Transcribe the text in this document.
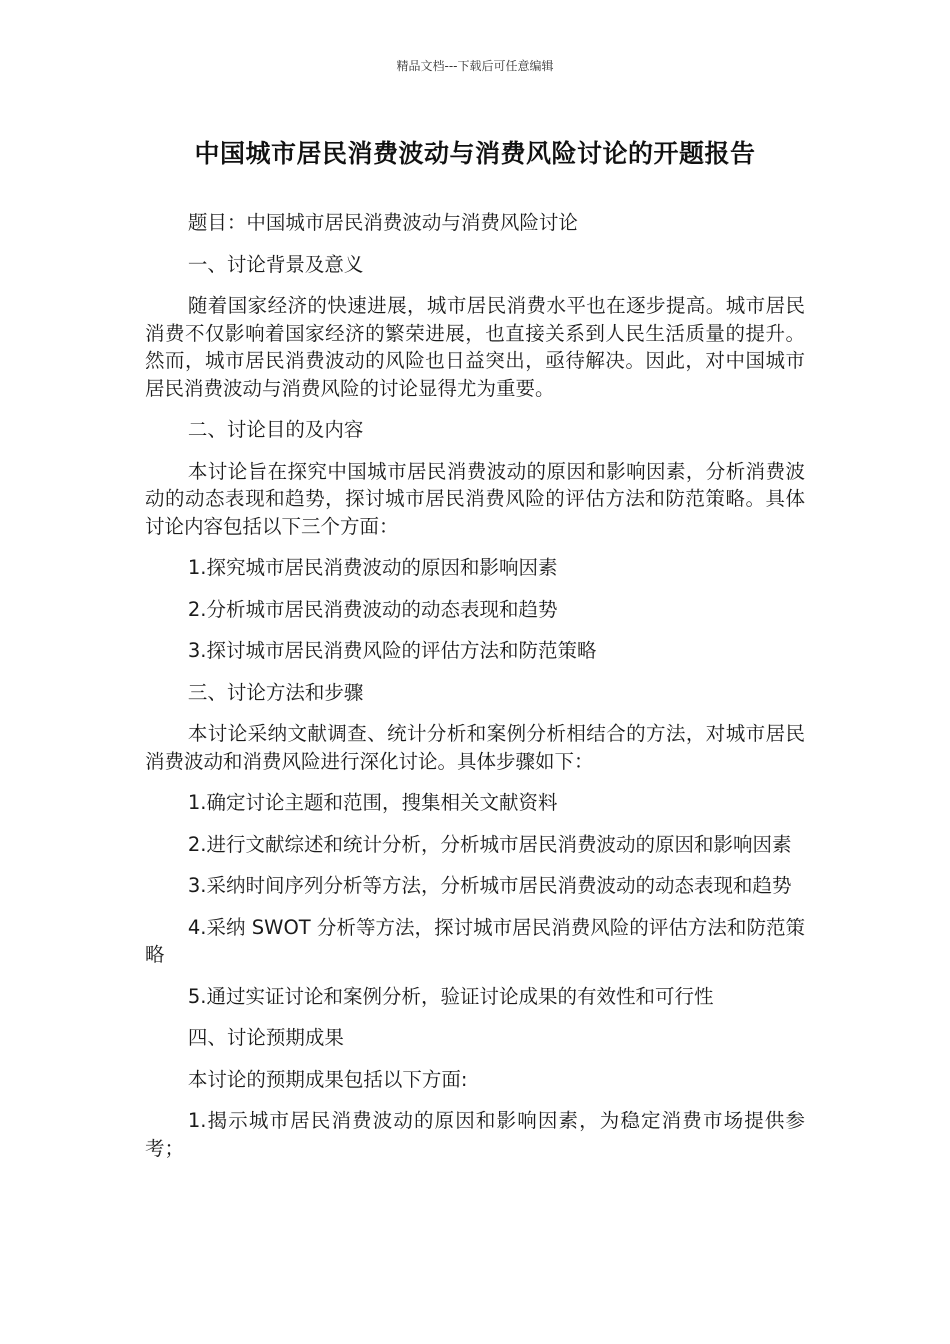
精品文档---下载后可任意编辑
中国城市居民消费波动与消费风险讨论的开题报告

题目：中国城市居民消费波动与消费风险讨论

一、讨论背景及意义

随着国家经济的快速进展，城市居民消费水平也在逐步提高。城市居民消费不仅影响着国家经济的繁荣进展，也直接关系到人民生活质量的提升。然而，城市居民消费波动的风险也日益突出，亟待解决。因此，对中国城市居民消费波动与消费风险的讨论显得尤为重要。

二、讨论目的及内容

本讨论旨在探究中国城市居民消费波动的原因和影响因素，分析消费波动的动态表现和趋势，探讨城市居民消费风险的评估方法和防范策略。具体讨论内容包括以下三个方面：

1.探究城市居民消费波动的原因和影响因素

2.分析城市居民消费波动的动态表现和趋势

3.探讨城市居民消费风险的评估方法和防范策略

三、讨论方法和步骤

本讨论采纳文献调查、统计分析和案例分析相结合的方法，对城市居民消费波动和消费风险进行深化讨论。具体步骤如下：

1.确定讨论主题和范围，搜集相关文献资料

2.进行文献综述和统计分析，分析城市居民消费波动的原因和影响因素

3.采纳时间序列分析等方法，分析城市居民消费波动的动态表现和趋势

4.采纳 SWOT 分析等方法，探讨城市居民消费风险的评估方法和防范策略

5.通过实证讨论和案例分析，验证讨论成果的有效性和可行性

四、讨论预期成果

本讨论的预期成果包括以下方面:

1.揭示城市居民消费波动的原因和影响因素，为稳定消费市场提供参考；
